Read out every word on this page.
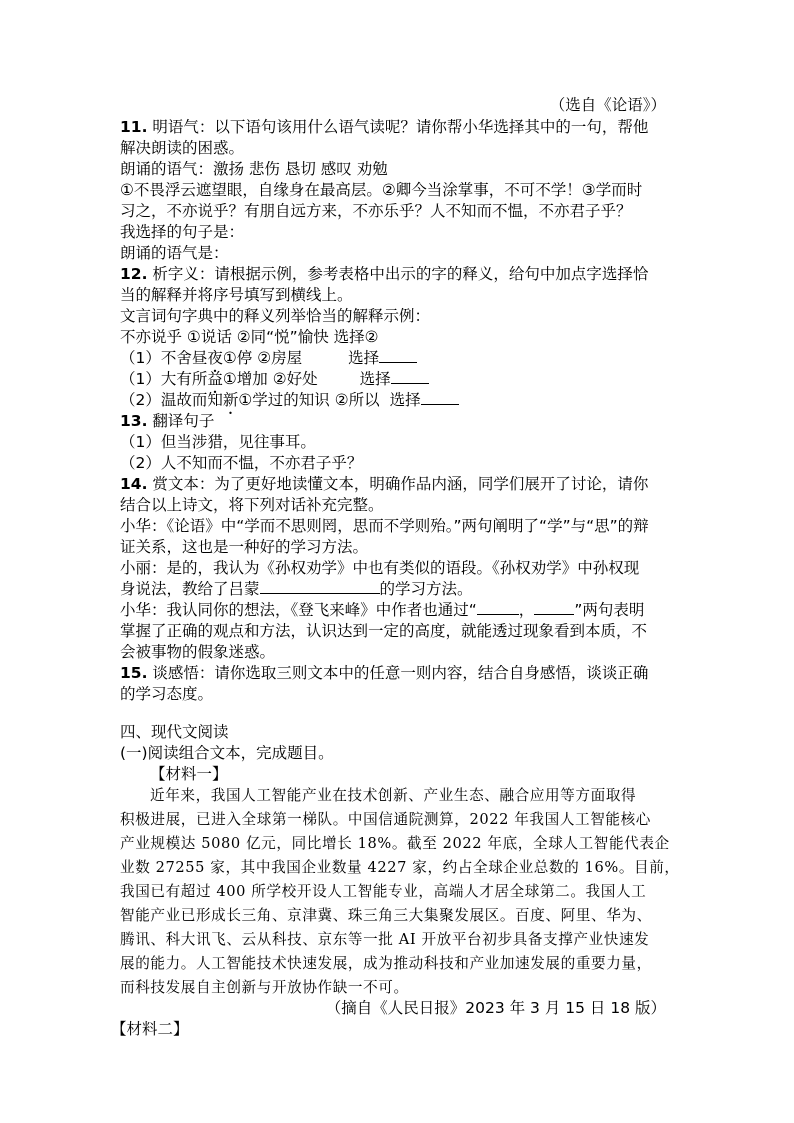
（选自《论语》）
11. 明语气：以下语句该用什么语气读呢？请你帮小华选择其中的一句，帮他
解决朗读的困惑。
朗诵的语气：激扬 悲伤 恳切 感叹 劝勉
①不畏浮云遮望眼，自缘身在最高层。②卿今当涂掌事，不可不学！③学而时
习之，不亦说乎？有朋自远方来，不亦乐乎？人不知而不愠，不亦君子乎？
我选择的句子是：
朗诵的语气是：
12. 析字义：请根据示例，参考表格中出示的字的释义，给句中加点字选择恰
当的解释并将序号填写到横线上。
文言词句字典中的释义列举恰当的解释示例：
不亦说乎 ①说话 ②同“悦”愉快 选择②
（1）不舍昼夜①停 ②房屋	选择
（1）大有所益①增加 ②好处	选择
（2）温故而知新①学过的知识 ②所以 选择
13. 翻译句子
（1）但当涉猎，见往事耳。
（2）人不知而不愠，不亦君子乎？
14. 赏文本：为了更好地读懂文本，明确作品内涵，同学们展开了讨论，请你
结合以上诗文，将下列对话补充完整。
小华：《论语》中“学而不思则罔，思而不学则殆。”两句阐明了“学”与“思”的辩
证关系，这也是一种好的学习方法。
小丽：是的，我认为《孙权劝学》中也有类似的语段。《孙权劝学》中孙权现
身说法，教给了吕蒙	的学习方法。
小华：我认同你的想法，《登飞来峰》中作者也通过“	，	”两句表明
掌握了正确的观点和方法，认识达到一定的高度，就能透过现象看到本质，不
会被事物的假象迷惑。
15. 谈感悟：请你选取三则文本中的任意一则内容，结合自身感悟，谈谈正确
的学习态度。
四、现代文阅读
(一)阅读组合文本，完成题目。
【材料一】
近年来，我国人工智能产业在技术创新、产业生态、融合应用等方面取得
积极进展，已进入全球第一梯队。中国信通院测算，2022 年我国人工智能核心
产业规模达 5080 亿元，同比增长 18%。截至 2022 年底，全球人工智能代表企
业数 27255 家，其中我国企业数量 4227 家，约占全球企业总数的 16%。目前，
我国已有超过 400 所学校开设人工智能专业，高端人才居全球第二。我国人工
智能产业已形成长三角、京津冀、珠三角三大集聚发展区。百度、阿里、华为、
腾讯、科大讯飞、云从科技、京东等一批 AI 开放平台初步具备支撑产业快速发
展的能力。人工智能技术快速发展，成为推动科技和产业加速发展的重要力量，
而科技发展自主创新与开放协作缺一不可。
（摘自《人民日报》2023 年 3 月 15 日 18 版）
【材料二】
